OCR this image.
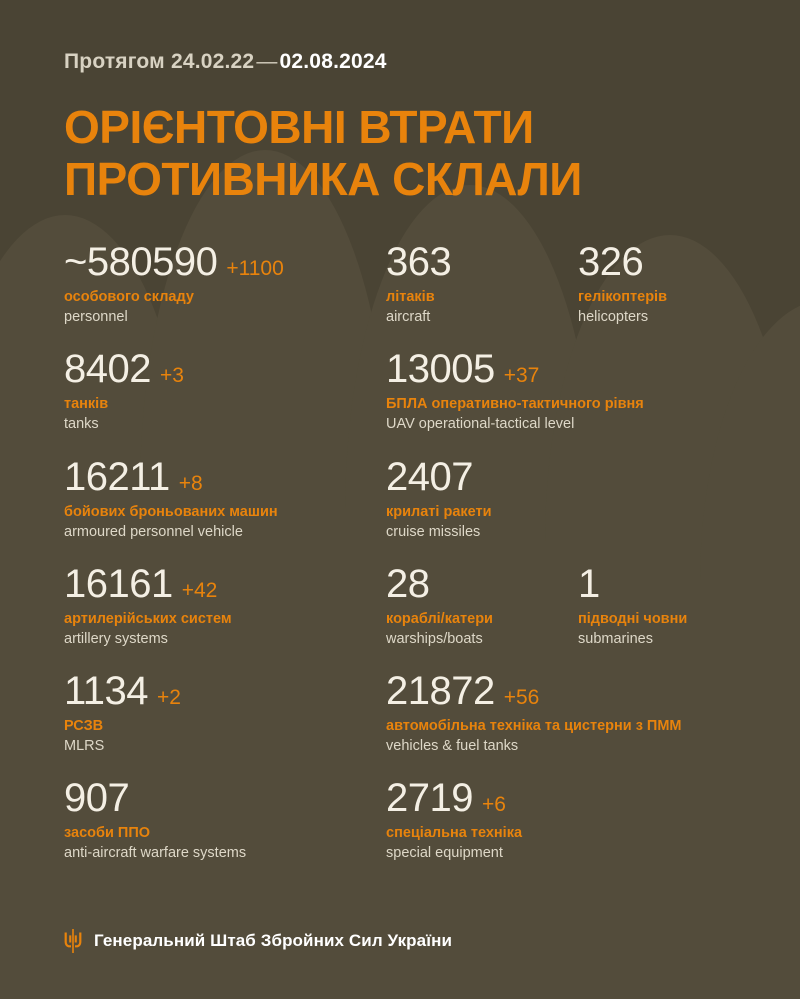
Протягом 24.02.22—02.08.2024
ОРІЄНТОВНІ ВТРАТИ
ПРОТИВНИКА СКЛАЛИ
~580590 +1100
особового складу
personnel
363
літаків
aircraft
326
гелікоптерів
helicopters
8402 +3
танків
tanks
13005 +37
БПЛА оперативно-тактичного рівня
UAV operational-tactical level
16211 +8
бойових броньованих машин
armoured personnel vehicle
2407
крилаті ракети
cruise missiles
16161 +42
артилерійських систем
artillery systems
28
кораблі/катери
warships/boats
1
підводні човни
submarines
1134 +2
РСЗВ
MLRS
21872 +56
автомобільна техніка та цистерни з ПММ
vehicles & fuel tanks
907
засоби ППО
anti-aircraft warfare systems
2719 +6
спеціальна техніка
special equipment
Генеральний Штаб Збройних Сил України
